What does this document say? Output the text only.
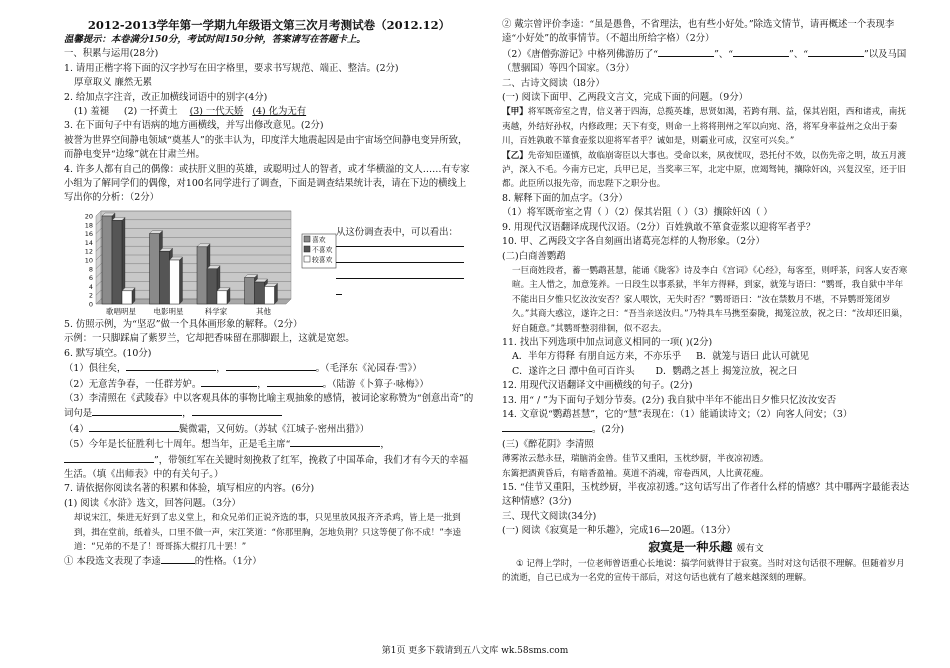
2012-2013学年第一学期九年级语文第三次月考测试卷（2012.12）
温馨提示：本卷满分150分，考试时间150分钟，答案请写在答题卡上。
一、积累与运用(28分)
1. 请用正楷字将下面的汉字抄写在田字格里，要求书写规范、端正、整洁。(2分)
厚章取义 廉然无累
2. 给加点字注音，改正加横线词语中的别字(4分)
(1) 羞褪 (2) 一抔黄土 (3) 一代天娇 (4) 化为无有
3. 在下面句子中有语病的地方画横线，并写出修改意见。(2分)
被誉为世界空间静电领域“奠基人”的张丰认为，印度洋大地震起因是由宇宙场空间静电变异所致，而静电变异“边缘”就在甘肃兰州。
4. 许多人都有自己的偶像：或扶肝义胆的英雄，或聪明过人的智者，或才华横溢的文人……有专家小组为了解同学们的偶像，对100名同学进行了调查，下面是调查结果统计表，请在下边的横线上写出你的分析：（2分）
0
2
4
6
8
10
12
14
16
18
20
歌唱明星 电影明星	科学家	其他
喜欢
不喜欢
较喜欢
从这份调查表中，可以看出：
5. 仿照示例，为“坚忍”做一个具体画形象的解释。（2分）
示例：一只脚踩扁了紫罗兰，它却把香味留在那脚跟上，这就是宽恕。
6. 默写填空。(10分)
（1）俱往矣，	，	。（毛泽东《沁园春·雪》）
（2）无意苦争春，一任群芳妒。	，	。（陆游《卜算子·咏梅》）
（3）李清照在《武陵春》中以客观具体的事物比喻主观抽象的感情，被词论家称赞为“创意出奇”的词句是	，
（4）	鬓微霜，又何妨。（苏轼《江城子·密州出猎》）
（5）今年是长征胜利七十周年。想当年，正是毛主席“	，”，带领红军在关键时刻挽救了红军，挽救了中国革命，我们才有今天的幸福生活。（填《出师表》中的有关句子。）
7. 请依据你阅读名著的积累和体验，填写相应的内容。(6分)
(1) 阅读《水浒》选文，回答问题。（3分）
却说宋江，柴进无好到了忠义堂上，和众兄弟们正说齐选的事，只见里放风报齐齐杀鸡，皆上是一批到到，揖在堂前，纸着头，口里不做一声，宋江笑道：“你那里胸，怎地负荆？只这等便了你不成！”李逵道：“兄弟的不是了！哥哥拣大棍打几十罢！”
① 本段选文表现了李逵	的性格。（1分）
② 戴宗曾评价李逵：“虽是愚鲁，不省理法，也有些小好处。”除选文情节，请再概述一个表现李逵“小好处”的故事情节。（不超出所给字格）（2分）
（2）《唐僧弥游记》中格列佛游历了“	”、“	”、“	”以及马国（慧骃国）等四个国家。（3分）
二、古诗文阅读（l8分）
(一) 阅读下面甲、乙两段文言文，完成下面的问题。（9分）
【甲】将军既帝室之胄，信义著于四海，总揽英雄，思贤如渴，若跨有荆、益，保其岩阻，西和诸戎，南抚夷越，外结好孙权，内修政理；天下有变，则命一上将将荆州之军以向宛、洛，将军身率益州之众出于秦川，百姓孰敢不箪食壶浆以迎将军者乎？诚如是，则霸业可成，汉室可兴矣。”
【乙】先帝知臣谨慎，故临崩寄臣以大事也。受命以来，夙夜忧叹，恐托付不效，以伤先帝之明，故五月渡泸，深入不毛。今南方已定，兵甲已足，当奖率三军，北定中原，庶竭驽钝，攘除奸凶，兴复汉室，还于旧都。此臣所以报先帝，而忠陛下之职分也。
8. 解释下面的加点字。（3分）
（1）将军既帝室之胄（ ）（2）保其岩阻（ ）（3）攘除奸凶（ ）
9. 用现代汉语翻译成现代汉语。（2分）百姓孰敢不箪食壶浆以迎将军者乎？
10. 甲、乙两段文字各自刻画出诸葛亮怎样的人物形象。（2分）
(二)白商善鹦鹉
一巨商姓段者，蓄一鹦鹉甚慧，能诵《陇客》诗及李白《宫词》《心经》，每客至，则呼茶，问客人安否寒暄。主人惜之，加意笼养。一日段生以事系狱，半年方得释，到家，就笼与语曰：“鹦哥，我自狱中半年不能出日夕惟只忆汝汝安否？家人喂饮，无失时否？”鹦哥语曰：“汝在禁数月不堪，不异鹦哥笼闭岁久。”其商大惑泣，遂许之曰：“吾当亲送汝归。”乃特具车马携至秦陇，揭笼泣放，祝之曰：“汝却还旧巢，好自随意。”其鹦哥整羽徘徊，似不忍去。
11. 找出下列选项中加点词意义相同的一项( )(2分)
A．半年方得释 有朋自远方来，不亦乐乎 B．就笼与语曰 此认可就见
C．遂许之曰 潭中鱼可百许头 D．鹦鹉之甚上 揭笼泣放，祝之曰
12. 用现代汉语翻译文中画横线的句子。(2分)
13. 用“ / ”为下面句子划分节奏。(2分) 我自狱中半年不能出日夕惟只忆汝汝安否
14. 文章说“鹦鹉甚慧”，它的“慧”表现在：（1）能诵读诗文；（2）向客人问安；（3）。(2分)
(三)《醉花阴》李清照
薄雾浓云愁永昼，瑞脑消金兽。佳节又重阳，玉枕纱厨，半夜凉初透。
东篱把酒黄昏后，有暗香盈袖。莫道不消魂，帘卷西风，人比黄花瘦。
15. “佳节又重阳，玉枕纱厨，半夜凉初透。”这句话写出了作者什么样的情感？其中哪两字最能表达这种情感？(3分)
三、现代文阅读(34分)
(一) 阅读《寂寞是一种乐趣》，完成16—20题。（13分）
寂寞是一种乐趣 媛有文
① 记得上学时，一位老师曾语重心长地说：搞学问就得甘于寂寞。当时对这句话很不理解。但随着岁月的流逝，自己已成为一名党的宣传干部后，对这句话也就有了越来越深刻的理解。
第1页 更多下载请到五八文库 wk.58sms.com
